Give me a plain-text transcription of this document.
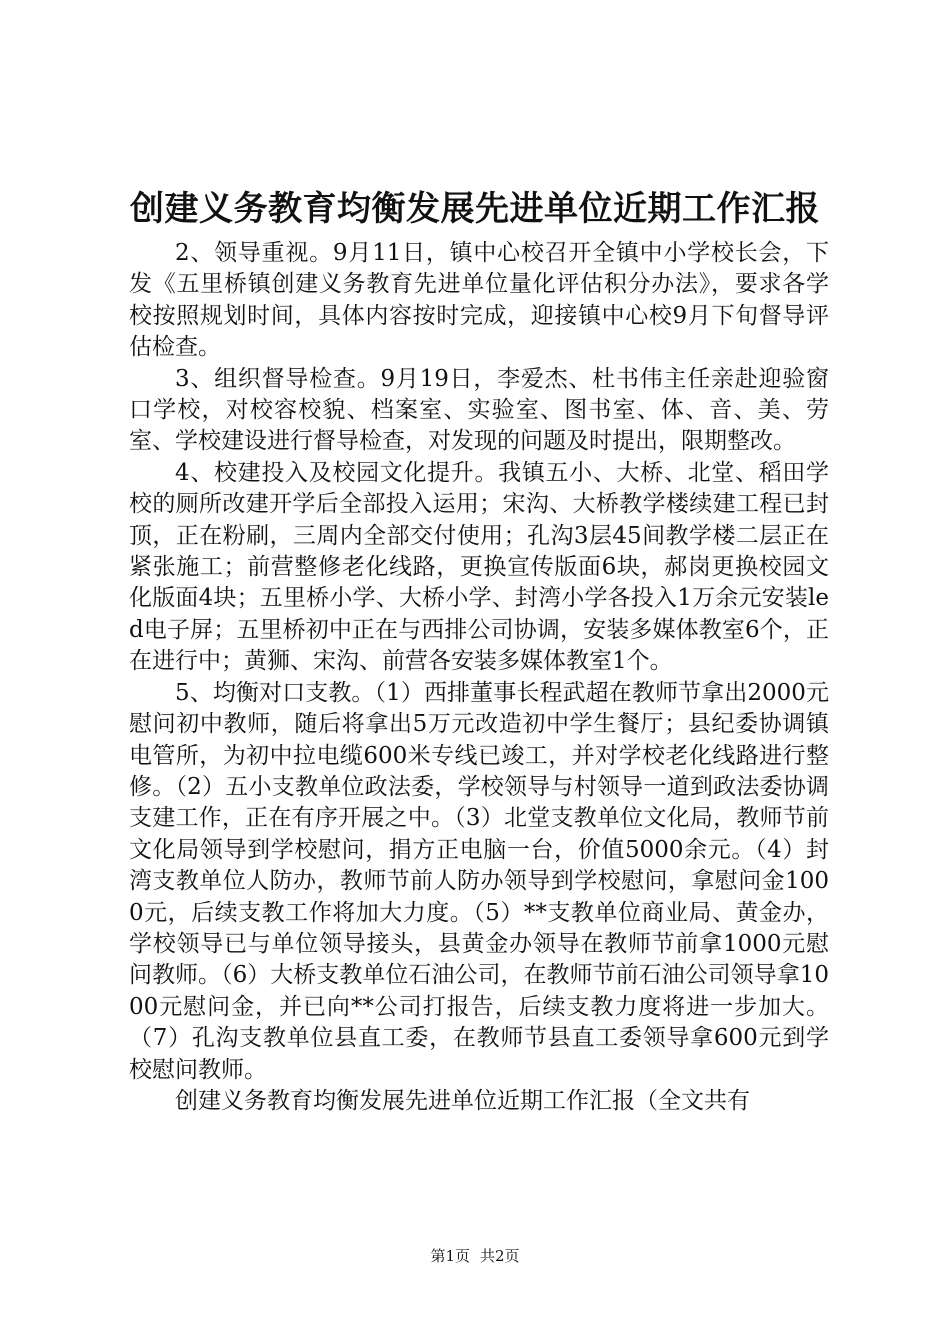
创建义务教育均衡发展先进单位近期工作汇报

2、领导重视。9月11日，镇中心校召开全镇中小学校长会，下发《五里桥镇创建义务教育先进单位量化评估积分办法》，要求各学校按照规划时间，具体内容按时完成，迎接镇中心校9月下旬督导评估检查。

3、组织督导检查。9月19日，李爱杰、杜书伟主任亲赴迎验窗口学校，对校容校貌、档案室、实验室、图书室、体、音、美、劳室、学校建设进行督导检查，对发现的问题及时提出，限期整改。

4、校建投入及校园文化提升。我镇五小、大桥、北堂、稻田学校的厕所改建开学后全部投入运用；宋沟、大桥教学楼续建工程已封顶，正在粉刷，三周内全部交付使用；孔沟3层45间教学楼二层正在紧张施工；前营整修老化线路，更换宣传版面6块，郝岗更换校园文化版面4块；五里桥小学、大桥小学、封湾小学各投入1万余元安装led电子屏；五里桥初中正在与西排公司协调，安装多媒体教室6个，正在进行中；黄狮、宋沟、前营各安装多媒体教室1个。

5、均衡对口支教。（1）西排董事长程武超在教师节拿出2000元慰问初中教师，随后将拿出5万元改造初中学生餐厅；县纪委协调镇电管所，为初中拉电缆600米专线已竣工，并对学校老化线路进行整修。（2）五小支教单位政法委，学校领导与村领导一道到政法委协调支建工作，正在有序开展之中。（3）北堂支教单位文化局，教师节前文化局领导到学校慰问，捐方正电脑一台，价值5000余元。（4）封湾支教单位人防办，教师节前人防办领导到学校慰问，拿慰问金1000元，后续支教工作将加大力度。（5）**支教单位商业局、黄金办，学校领导已与单位领导接头，县黄金办领导在教师节前拿1000元慰问教师。（6）大桥支教单位石油公司，在教师节前石油公司领导拿1000元慰问金，并已向**公司打报告，后续支教力度将进一步加大。（7）孔沟支教单位县直工委，在教师节县直工委领导拿600元到学校慰问教师。

创建义务教育均衡发展先进单位近期工作汇报（全文共有

第1页 共2页
